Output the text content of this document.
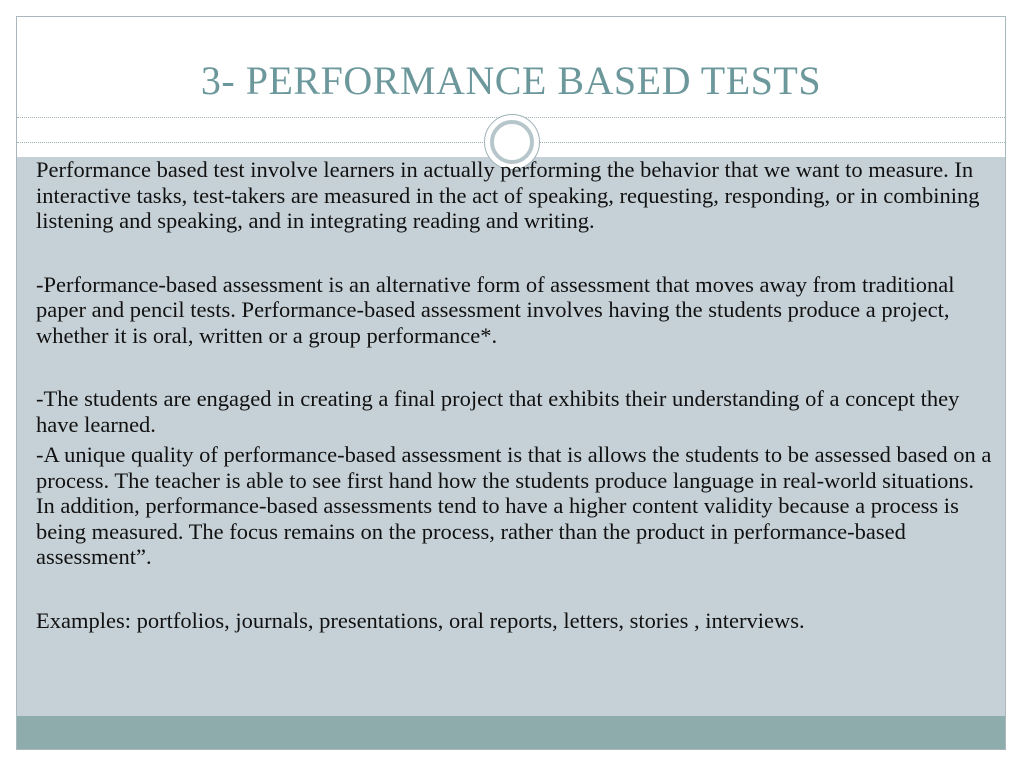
3- PERFORMANCE BASED TESTS

Performance based test involve learners in actually performing the behavior that we want to measure. In interactive tasks, test-takers are measured in the act of speaking, requesting, responding, or in combining listening and speaking, and in integrating reading and writing.

-Performance-based assessment is an alternative form of assessment that moves away from traditional paper and pencil tests. Performance-based assessment involves having the students produce a project, whether it is oral, written or a group performance*.

-The students are engaged in creating a final project that exhibits their understanding of a concept they have learned.

-A unique quality of performance-based assessment is that is allows the students to be assessed based on a process. The teacher is able to see first hand how the students produce language in real-world situations. In addition, performance-based assessments tend to have a higher content validity because a process is being measured. The focus remains on the process, rather than the product in performance-based assessment”.

Examples: portfolios, journals, presentations, oral reports, letters, stories , interviews.
